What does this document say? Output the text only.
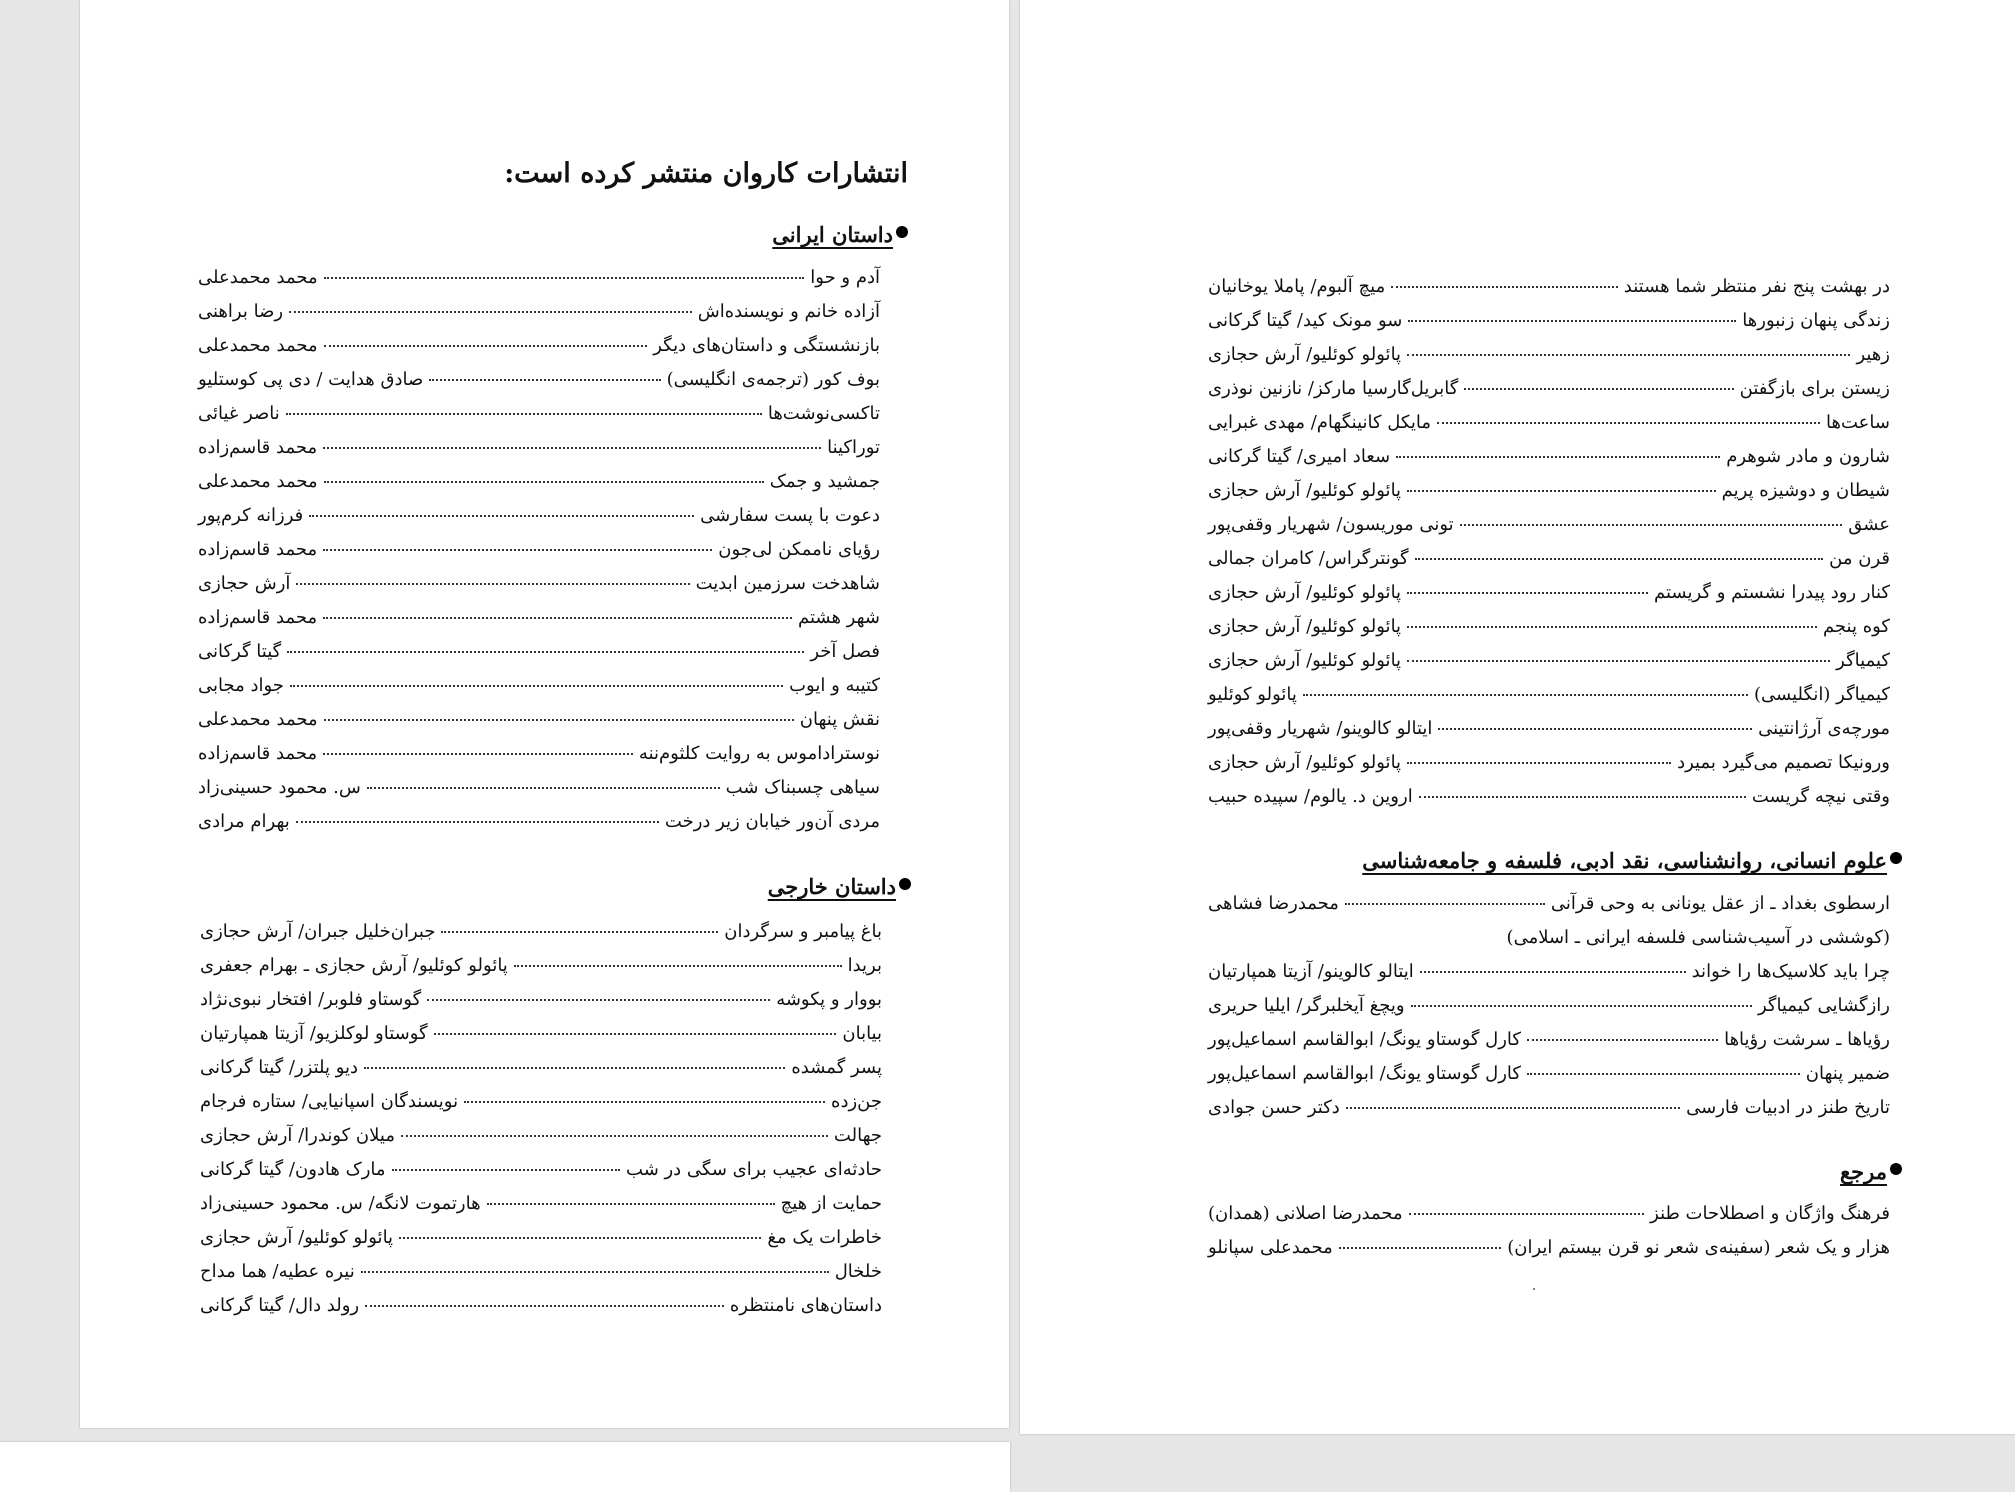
انتشارات کاروان منتشر کرده است:
داستان ایرانی
آدم و حوا
محمد محمدعلی
آزاده خانم و نویسنده‌اش
رضا براهنی
بازنشستگی و داستان‌های دیگر
محمد محمدعلی
بوف کور (ترجمه‌ی انگلیسی)
صادق هدایت / دی پی کوستلیو
تاکسی‌نوشت‌ها
ناصر غیائی
توراکینا
محمد قاسم‌زاده
جمشید و جمک
محمد محمدعلی
دعوت با پست سفارشی
فرزانه کرم‌پور
رؤیای ناممکن لی‌جون
محمد قاسم‌زاده
شاهدخت سرزمین ابدیت
آرش حجازی
شهر هشتم
محمد قاسم‌زاده
فصل آخر
گیتا گرکانی
کتیبه و ایوب
جواد مجابی
نقش پنهان
محمد محمدعلی
نوستراداموس به روایت کلثوم‌ننه
محمد قاسم‌زاده
سیاهی چسبناک شب
س. محمود حسینی‌زاد
مردی آن‌ور خیابان زیر درخت
بهرام مرادی
داستان خارجی
باغ پیامبر و سرگردان
جبران‌خلیل جبران/ آرش حجازی
بریدا
پائولو کوئلیو/ آرش حجازی ـ بهرام جعفری
بووار و پکوشه
گوستاو فلوبر/ افتخار نبوی‌نژاد
بیابان
گوستاو لوکلزیو/ آزیتا همپارتیان
پسر گمشده
دیو پلتزر/ گیتا گرکانی
جن‌زده
نویسندگان اسپانیایی/ ستاره فرجام
جهالت
میلان کوندرا/ آرش حجازی
حادثه‌ای عجیب برای سگی در شب
مارک هادون/ گیتا گرکانی
حمایت از هیچ
هارتموت لانگه/ س. محمود حسینی‌زاد
خاطرات یک مغ
پائولو کوئلیو/ آرش حجازی
خلخال
نیره عطیه/ هما مداح
داستان‌های نامنتظره
رولد دال/ گیتا گرکانی
در بهشت پنج نفر منتظر شما هستند
میچ آلبوم/ پاملا یوخانیان
زندگی پنهان زنبورها
سو مونک کید/ گیتا گرکانی
زهیر
پائولو کوئلیو/ آرش حجازی
زیستن برای بازگفتن
گابریل‌گارسیا مارکز/ نازنین نوذری
ساعت‌ها
مایکل کانینگهام/ مهدی غبرایی
شارون و مادر شوهرم
سعاد امیری/ گیتا گرکانی
شیطان و دوشیزه پریم
پائولو کوئلیو/ آرش حجازی
عشق
تونی موریسون/ شهریار وقفی‌پور
قرن من
گونترگراس/ کامران جمالی
کنار رود پیدرا نشستم و گریستم
پائولو کوئلیو/ آرش حجازی
کوه پنجم
پائولو کوئلیو/ آرش حجازی
کیمیاگر
پائولو کوئلیو/ آرش حجازی
کیمیاگر (انگلیسی)
پائولو کوئلیو
مورچه‌ی آرژانتینی
ایتالو کالوینو/ شهریار وقفی‌پور
ورونیکا تصمیم می‌گیرد بمیرد
پائولو کوئلیو/ آرش حجازی
وقتی نیچه گریست
اروین د. یالوم/ سپیده حبیب
علوم انسانی، روانشناسی، نقد ادبی، فلسفه و جامعه‌شناسی
ارسطوی بغداد ـ از عقل یونانی به وحی قرآنی
محمدرضا فشاهی
(کوششی در آسیب‌شناسی فلسفه ایرانی ـ اسلامی)
چرا باید کلاسیک‌ها را خواند
ایتالو کالوینو/ آزیتا همپارتیان
رازگشایی کیمیاگر
ویچغ آیخلبرگر/ ایلیا حریری
رؤیاها ـ سرشت رؤیاها
کارل گوستاو یونگ/ ابوالقاسم اسماعیل‌پور
ضمیر پنهان
کارل گوستاو یونگ/ ابوالقاسم اسماعیل‌پور
تاریخ طنز در ادبیات فارسی
دکتر حسن جوادی
مرجع
فرهنگ واژگان و اصطلاحات طنز
محمدرضا اصلانی (همدان)
هزار و یک شعر (سفینه‌ی شعر نو قرن بیستم ایران)
محمدعلی سپانلو
